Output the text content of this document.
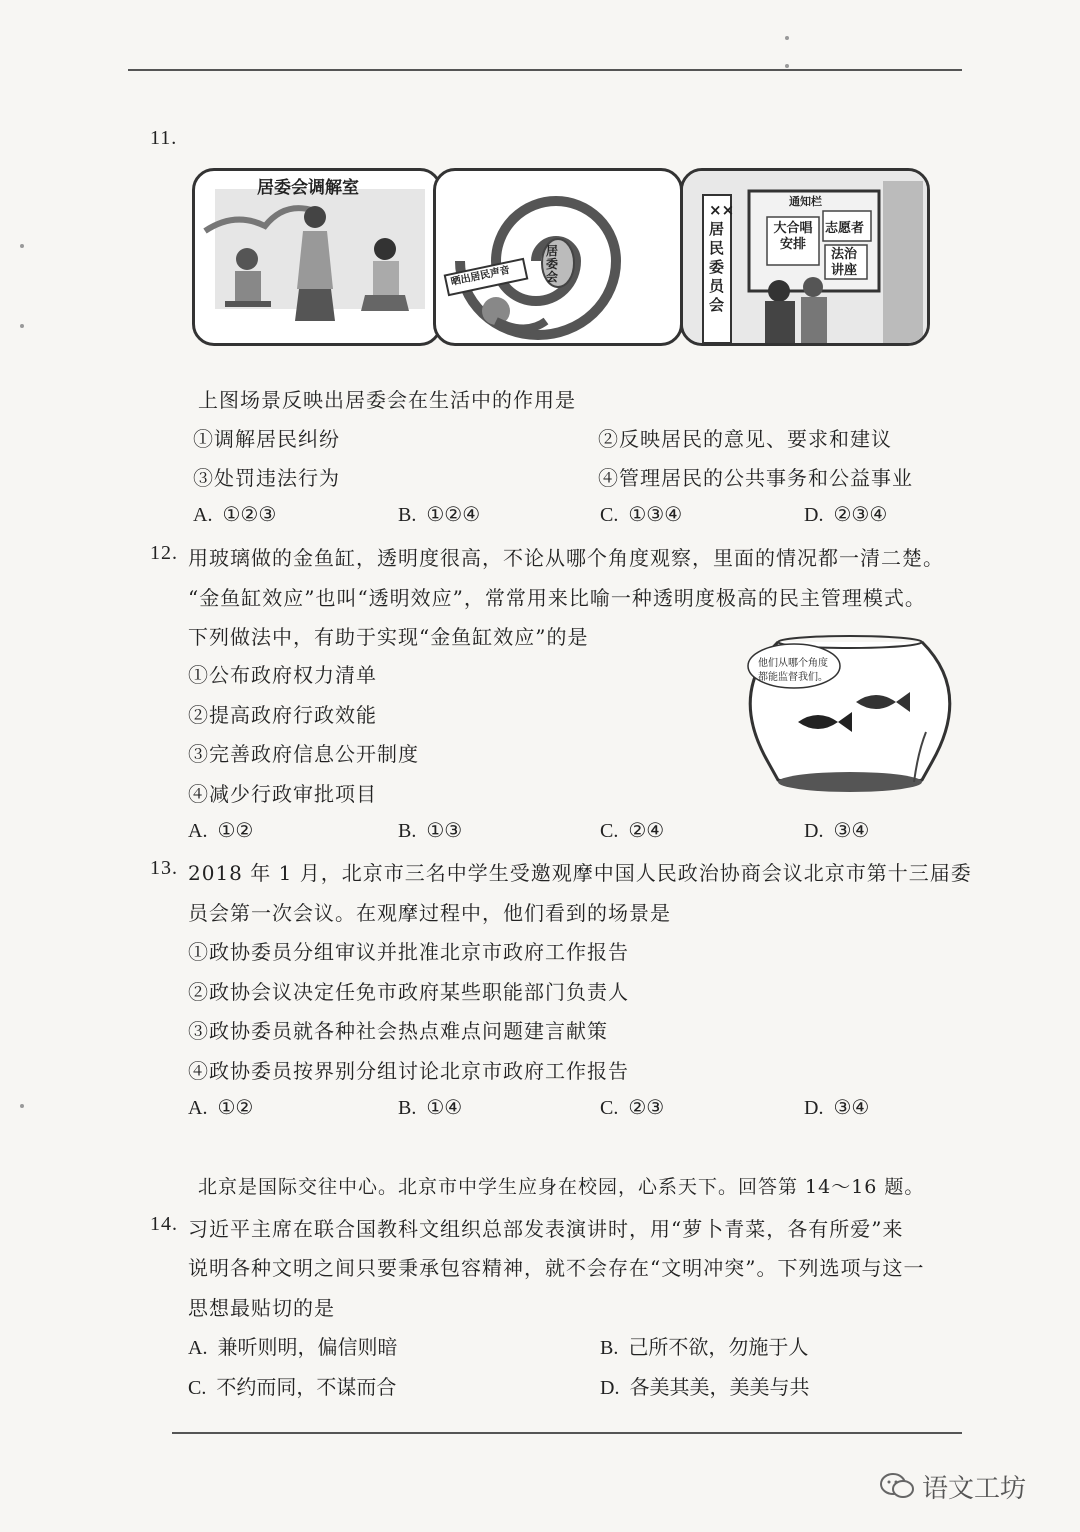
11.
居委会调解室
晒出居民声音
居委会
通知栏
××居民委员会
大合唱安排
志愿者
法治讲座
上图场景反映出居委会在生活中的作用是
①调解居民纠纷	②反映居民的意见、要求和建议
③处罚违法行为	④管理居民的公共事务和公益事业
A. ①②③	B. ①②④	C. ①③④	D. ②③④
12. 用玻璃做的金鱼缸，透明度很高，不论从哪个角度观察，里面的情况都一清二楚。
“金鱼缸效应”也叫“透明效应”，常常用来比喻一种透明度极高的民主管理模式。
下列做法中，有助于实现“金鱼缸效应”的是
①公布政府权力清单
②提高政府行政效能
③完善政府信息公开制度
④减少行政审批项目
他们从哪个角度
都能监督我们。
A. ①②	B. ①③	C. ②④	D. ③④
13. 2018 年 1 月，北京市三名中学生受邀观摩中国人民政治协商会议北京市第十三届委
员会第一次会议。在观摩过程中，他们看到的场景是
①政协委员分组审议并批准北京市政府工作报告
②政协会议决定任免市政府某些职能部门负责人
③政协委员就各种社会热点难点问题建言献策
④政协委员按界别分组讨论北京市政府工作报告
A. ①②	B. ①④	C. ②③	D. ③④
北京是国际交往中心。北京市中学生应身在校园，心系天下。回答第 14～16 题。
14. 习近平主席在联合国教科文组织总部发表演讲时，用“萝卜青菜，各有所爱”来
说明各种文明之间只要秉承包容精神，就不会存在“文明冲突”。下列选项与这一
思想最贴切的是
A. 兼听则明，偏信则暗	B. 己所不欲，勿施于人
C. 不约而同，不谋而合	D. 各美其美，美美与共
语文工坊
